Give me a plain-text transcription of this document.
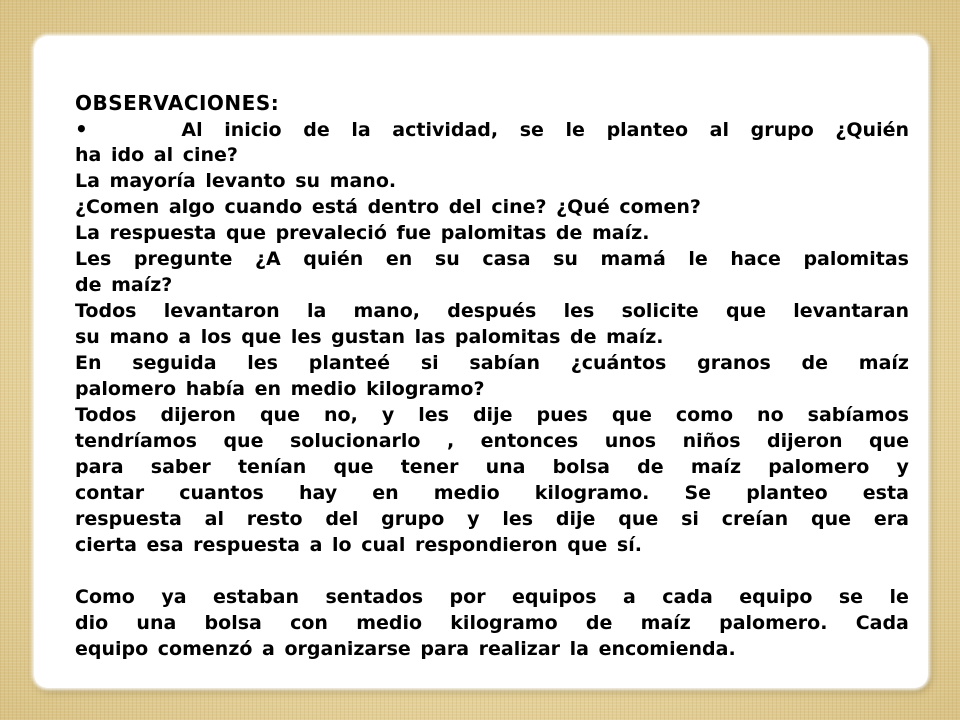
OBSERVACIONES:
•	Al inicio de la actividad, se le planteo al grupo ¿Quién
ha ido al cine?
La mayoría levanto su mano.
¿Comen algo cuando está dentro del cine? ¿Qué comen?
La respuesta que prevaleció fue palomitas de maíz.
Les pregunte ¿A quién en su casa su mamá le hace palomitas
de maíz?
Todos levantaron la mano, después les solicite que levantaran
su mano a los que les gustan las palomitas de maíz.
En seguida les planteé si sabían ¿cuántos granos de maíz
palomero había en medio kilogramo?
Todos dijeron que no, y les dije pues que como no sabíamos
tendríamos que solucionarlo , entonces unos niños dijeron que
para saber tenían que tener una bolsa de maíz palomero y
contar cuantos hay en medio kilogramo. Se planteo esta
respuesta al resto del grupo y les dije que si creían que era
cierta esa respuesta a lo cual respondieron que sí.
Como ya estaban sentados por equipos a cada equipo se le
dio una bolsa con medio kilogramo de maíz palomero. Cada
equipo comenzó a organizarse para realizar la encomienda.
